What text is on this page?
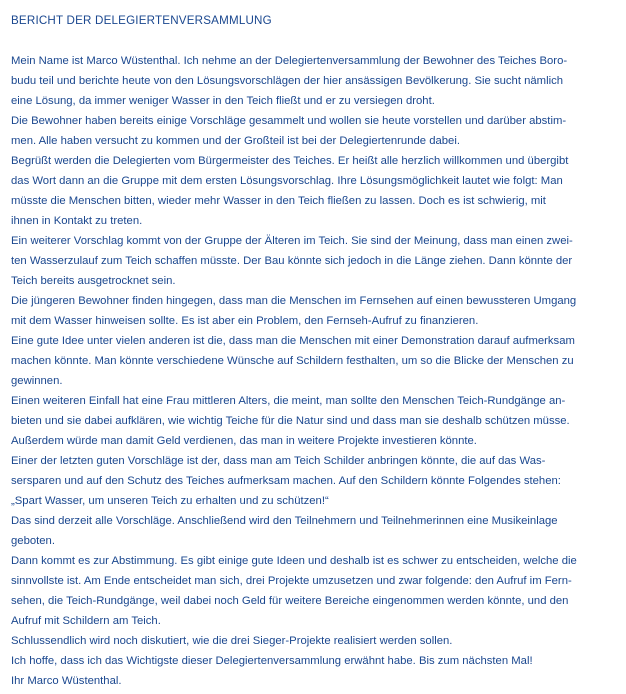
BERICHT DER DELEGIERTENVERSAMMLUNG

Mein Name ist Marco Wüstenthal. Ich nehme an der Delegiertenversammlung der Bewohner des Teiches Boro-
budu teil und berichte heute von den Lösungsvorschlägen der hier ansässigen Bevölkerung. Sie sucht nämlich
eine Lösung, da immer weniger Wasser in den Teich fließt und er zu versiegen droht.

Die Bewohner haben bereits einige Vorschläge gesammelt und wollen sie heute vorstellen und darüber abstim-
men. Alle haben versucht zu kommen und der Großteil ist bei der Delegiertenrunde dabei.

Begrüßt werden die Delegierten vom Bürgermeister des Teiches. Er heißt alle herzlich willkommen und übergibt
das Wort dann an die Gruppe mit dem ersten Lösungsvorschlag. Ihre Lösungsmöglichkeit lautet wie folgt: Man
müsste die Menschen bitten, wieder mehr Wasser in den Teich fließen zu lassen. Doch es ist schwierig, mit
ihnen in Kontakt zu treten.

Ein weiterer Vorschlag kommt von der Gruppe der Älteren im Teich. Sie sind der Meinung, dass man einen zwei-
ten Wasserzulauf zum Teich schaffen müsste. Der Bau könnte sich jedoch in die Länge ziehen. Dann könnte der
Teich bereits ausgetrocknet sein.

Die jüngeren Bewohner finden hingegen, dass man die Menschen im Fernsehen auf einen bewussteren Umgang
mit dem Wasser hinweisen sollte. Es ist aber ein Problem, den Fernseh-Aufruf zu finanzieren.

Eine gute Idee unter vielen anderen ist die, dass man die Menschen mit einer Demonstration darauf aufmerksam
machen könnte. Man könnte verschiedene Wünsche auf Schildern festhalten, um so die Blicke der Menschen zu
gewinnen.

Einen weiteren Einfall hat eine Frau mittleren Alters, die meint, man sollte den Menschen Teich-Rundgänge an-
bieten und sie dabei aufklären, wie wichtig Teiche für die Natur sind und dass man sie deshalb schützen müsse.
Außerdem würde man damit Geld verdienen, das man in weitere Projekte investieren könnte.

Einer der letzten guten Vorschläge ist der, dass man am Teich Schilder anbringen könnte, die auf das Was-
sersparen und auf den Schutz des Teiches aufmerksam machen. Auf den Schildern könnte Folgendes stehen:
„Spart Wasser, um unseren Teich zu erhalten und zu schützen!“

Das sind derzeit alle Vorschläge. Anschließend wird den Teilnehmern und Teilnehmerinnen eine Musikeinlage
geboten.

Dann kommt es zur Abstimmung. Es gibt einige gute Ideen und deshalb ist es schwer zu entscheiden, welche die
sinnvollste ist. Am Ende entscheidet man sich, drei Projekte umzusetzen und zwar folgende: den Aufruf im Fern-
sehen, die Teich-Rundgänge, weil dabei noch Geld für weitere Bereiche eingenommen werden könnte, und den
Aufruf mit Schildern am Teich.

Schlussendlich wird noch diskutiert, wie die drei Sieger-Projekte realisiert werden sollen.

Ich hoffe, dass ich das Wichtigste dieser Delegiertenversammlung erwähnt habe. Bis zum nächsten Mal!
Ihr Marco Wüstenthal.
